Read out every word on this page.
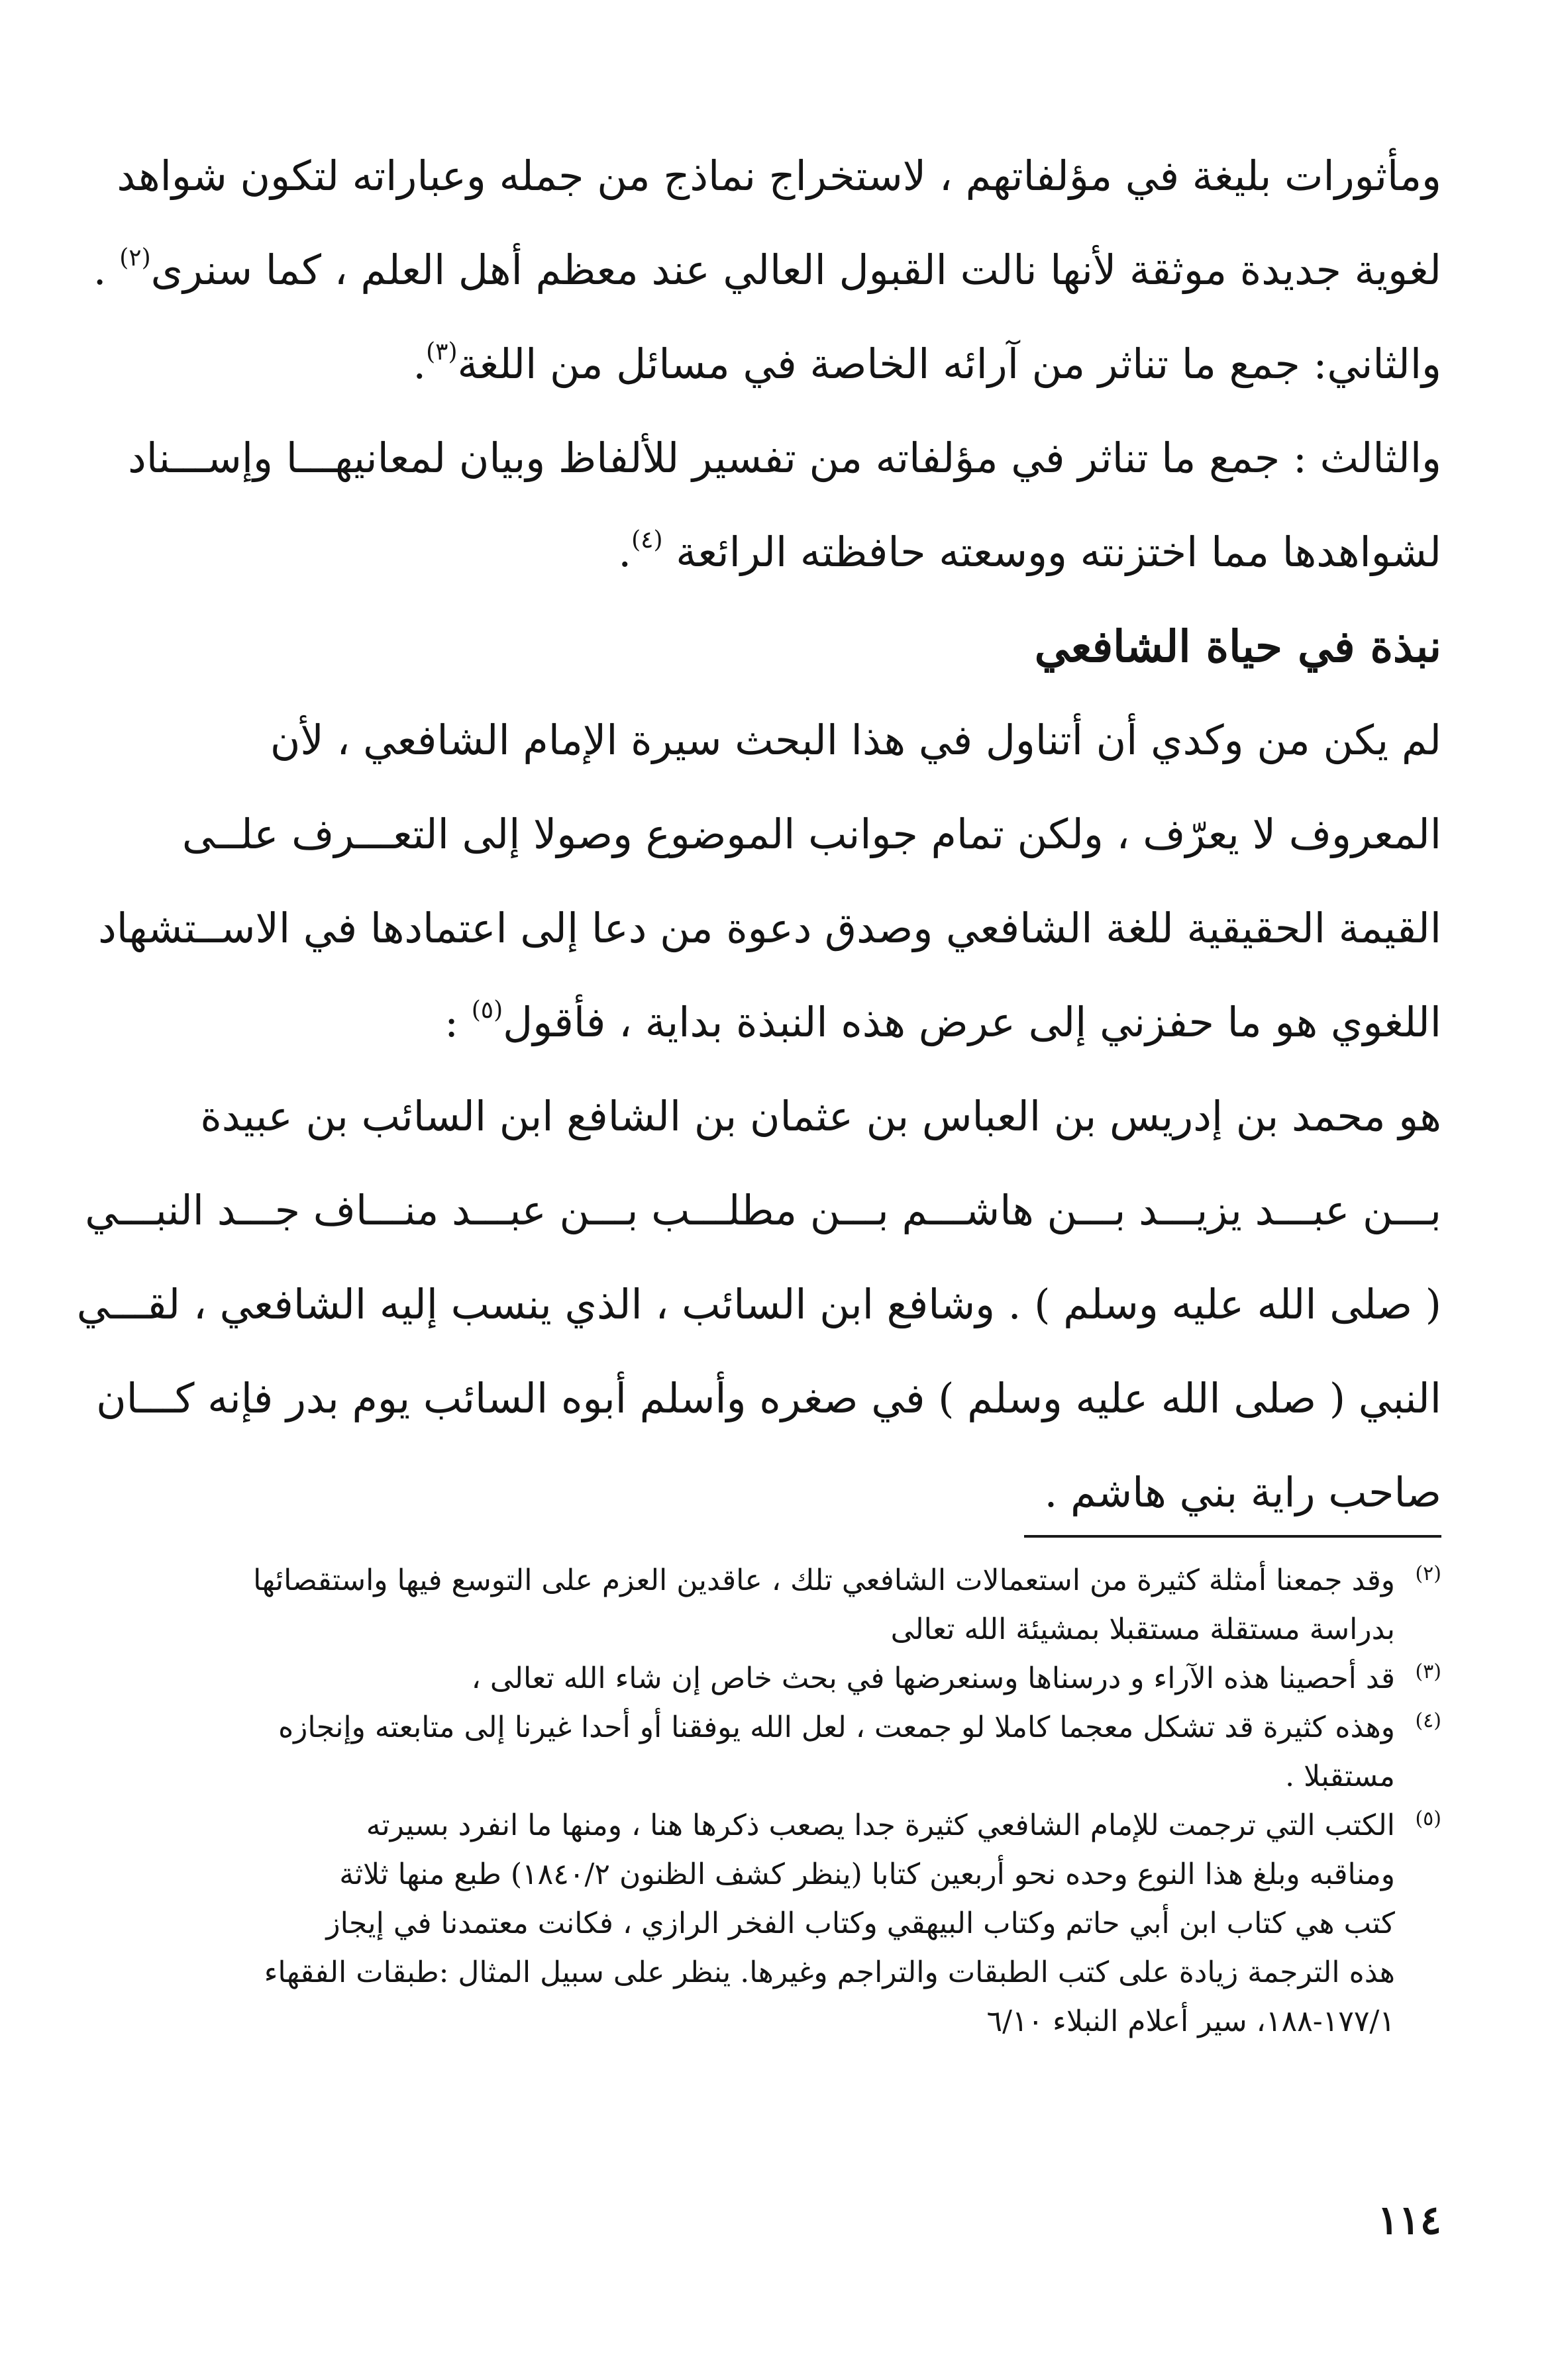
ومأثورات بليغة في مؤلفاتهم ، لاستخراج نماذج من جمله وعباراته لتكون شواهد
لغوية جديدة موثقة لأنها نالت القبول العالي عند معظم أهل العلم ، كما سنرى$^{(٢)}$ .
والثاني: جمع ما تناثر من آرائه الخاصة في مسائل من اللغة$^{(٣)}$.
والثالث : جمع ما تناثر في مؤلفاته من تفسير للألفاظ وبيان لمعانيهـــا وإســـناد
لشواهدها مما اختزنته ووسعته حافظته الرائعة $^{(٤)}$.
نبذة في حياة الشافعي
لم يكن من وكدي أن أتناول في هذا البحث سيرة الإمام الشافعي ، لأن
المعروف لا يعرّف ، ولكن تمام جوانب الموضوع وصولا إلى التعـــرف علــى
القيمة الحقيقية للغة الشافعي وصدق دعوة من دعا إلى اعتمادها في الاســتشهاد
اللغوي هو ما حفزني إلى عرض هذه النبذة بداية ، فأقول$^{(٥)}$ :
هو محمد بن إدريس بن العباس بن عثمان بن الشافع ابن السائب بن عبيدة
بـــن عبـــد يزيـــد بـــن هاشـــم بـــن مطلـــب بـــن عبـــد منـــاف جـــد النبـــي
( صلى الله عليه وسلم ) . وشافع ابن السائب ، الذي ينسب إليه الشافعي ، لقـــي
النبي ( صلى الله عليه وسلم ) في صغره وأسلم أبوه السائب يوم بدر فإنه كـــان
صاحب راية بني هاشم .
(٢)
وقد جمعنا أمثلة كثيرة من استعمالات الشافعي تلك ، عاقدين العزم على التوسع فيها واستقصائها
بدراسة مستقلة مستقبلا بمشيئة الله تعالى
(٣)
قد أحصينا هذه الآراء و درسناها وسنعرضها في بحث خاص إن شاء الله تعالى ،
(٤)
وهذه كثيرة قد تشكل معجما كاملا لو جمعت ، لعل الله يوفقنا أو أحدا غيرنا إلى متابعته وإنجازه
مستقبلا .
(٥)
الكتب التي ترجمت للإمام الشافعي كثيرة جدا يصعب ذكرها هنا ، ومنها ما انفرد بسيرته
ومناقبه وبلغ هذا النوع وحده نحو أربعين كتابا (ينظر كشف الظنون ١٨٤٠/٢) طبع منها ثلاثة
كتب هي كتاب ابن أبي حاتم وكتاب البيهقي وكتاب الفخر الرازي ، فكانت معتمدنا في إيجاز
هذه الترجمة زيادة على كتب الطبقات والتراجم وغيرها. ينظر على سبيل المثال :طبقات الفقهاء
١٧٧/١-١٨٨، سير أعلام النبلاء ٦/١٠
١١٤
